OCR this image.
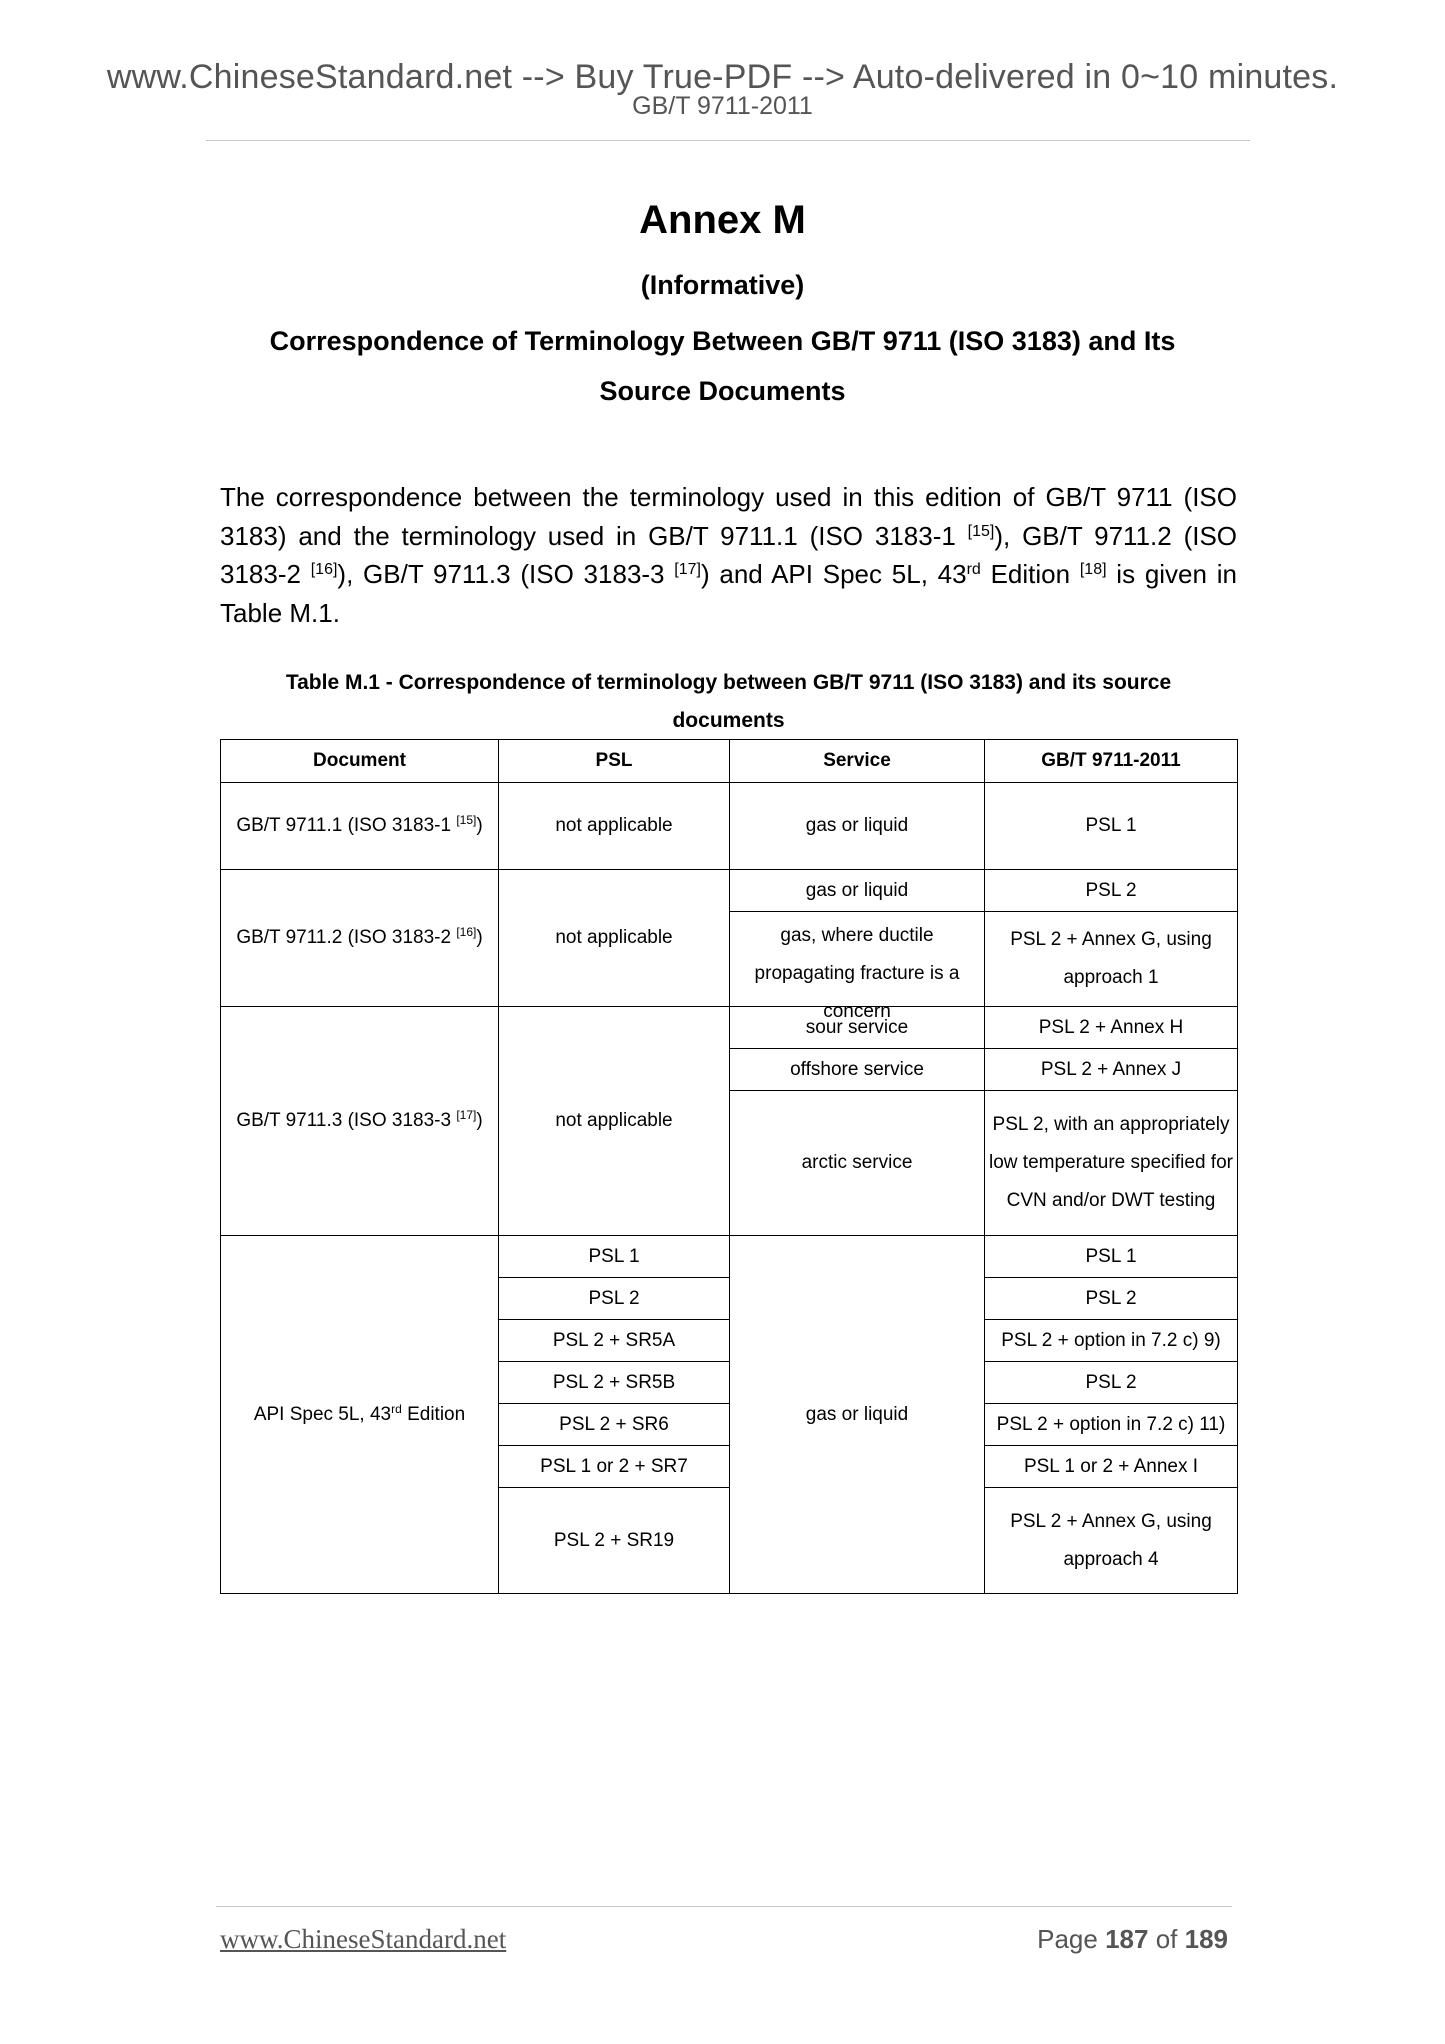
www.ChineseStandard.net --> Buy True-PDF --> Auto-delivered in 0~10 minutes.
GB/T 9711-2011
Annex M
(Informative)
Correspondence of Terminology Between GB/T 9711 (ISO 3183) and Its
Source Documents
The correspondence between the terminology used in this edition of GB/T 9711 (ISO 3183) and the terminology used in GB/T 9711.1 (ISO 3183-1 [15]), GB/T 9711.2 (ISO 3183-2 [16]), GB/T 9711.3 (ISO 3183-3 [17]) and API Spec 5L, 43rd Edition [18] is given in Table M.1.
Table M.1 - Correspondence of terminology between GB/T 9711 (ISO 3183) and its source
documents
Document	PSL	Service	GB/T 9711-2011
GB/T 9711.1 (ISO 3183-1 [15])	not applicable	gas or liquid	PSL 1
GB/T 9711.2 (ISO 3183-2 [16])	not applicable	gas or liquid	PSL 2

		gas, where ductile propagating fracture is a concern	PSL 2 + Annex G, using approach 1
GB/T 9711.3 (ISO 3183-3 [17])	not applicable	sour service	PSL 2 + Annex H
		offshore service	PSL 2 + Annex J
		arctic service	PSL 2, with an appropriately low temperature specified for CVN and/or DWT testing
API Spec 5L, 43rd Edition	PSL 1	gas or liquid	PSL 1
	PSL 2		PSL 2
	PSL 2 + SR5A		PSL 2 + option in 7.2 c) 9)
	PSL 2 + SR5B		PSL 2
	PSL 2 + SR6		PSL 2 + option in 7.2 c) 11)
	PSL 1 or 2 + SR7		PSL 1 or 2 + Annex I
	PSL 2 + SR19		PSL 2 + Annex G, using approach 4
www.ChineseStandard.net	Page 187 of 189
